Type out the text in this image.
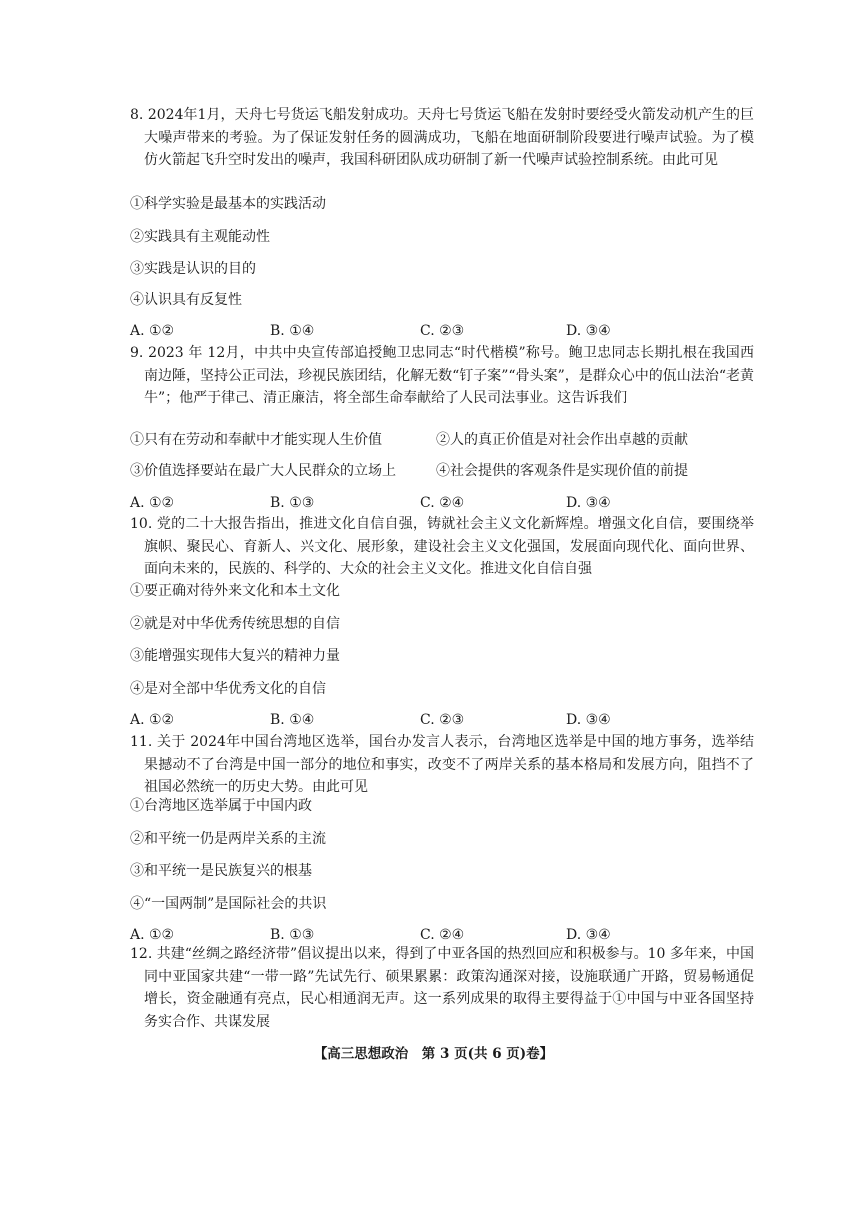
8. 2024年1月，天舟七号货运飞船发射成功。天舟七号货运飞船在发射时要经受火箭发动机产生的巨大噪声带来的考验。为了保证发射任务的圆满成功，飞船在地面研制阶段要进行噪声试验。为了模仿火箭起飞升空时发出的噪声，我国科研团队成功研制了新一代噪声试验控制系统。由此可见
①科学实验是最基本的实践活动
②实践具有主观能动性
③实践是认识的目的
④认识具有反复性
A. ①②	B. ①④	C. ②③	D. ③④
9. 2023 年 12月，中共中央宣传部追授鲍卫忠同志“时代楷模”称号。鲍卫忠同志长期扎根在我国西南边陲，坚持公正司法，珍视民族团结，化解无数“钉子案”“骨头案”，是群众心中的佤山法治“老黄牛”；他严于律己、清正廉洁，将全部生命奉献给了人民司法事业。这告诉我们
①只有在劳动和奉献中才能实现人生价值	②人的真正价值是对社会作出卓越的贡献
③价值选择要站在最广大人民群众的立场上	④社会提供的客观条件是实现价值的前提
A. ①②	B. ①③	C. ②④	D. ③④
10. 党的二十大报告指出，推进文化自信自强，铸就社会主义文化新辉煌。增强文化自信，要围绕举旗帜、聚民心、育新人、兴文化、展形象，建设社会主义文化强国，发展面向现代化、面向世界、面向未来的，民族的、科学的、大众的社会主义文化。推进文化自信自强
①要正确对待外来文化和本土文化
②就是对中华优秀传统思想的自信
③能增强实现伟大复兴的精神力量
④是对全部中华优秀文化的自信
A. ①②	B. ①④	C. ②③	D. ③④
11. 关于 2024年中国台湾地区选举，国台办发言人表示，台湾地区选举是中国的地方事务，选举结果撼动不了台湾是中国一部分的地位和事实，改变不了两岸关系的基本格局和发展方向，阻挡不了祖国必然统一的历史大势。由此可见
①台湾地区选举属于中国内政
②和平统一仍是两岸关系的主流
③和平统一是民族复兴的根基
④“一国两制”是国际社会的共识
A. ①②	B. ①③	C. ②④	D. ③④
12. 共建“丝绸之路经济带”倡议提出以来，得到了中亚各国的热烈回应和积极参与。10 多年来，中国同中亚国家共建“一带一路”先试先行、硕果累累：政策沟通深对接，设施联通广开路，贸易畅通促增长，资金融通有亮点，民心相通润无声。这一系列成果的取得主要得益于①中国与中亚各国坚持务实合作、共谋发展
【高三思想政治　第 3 页(共 6 页)卷】
